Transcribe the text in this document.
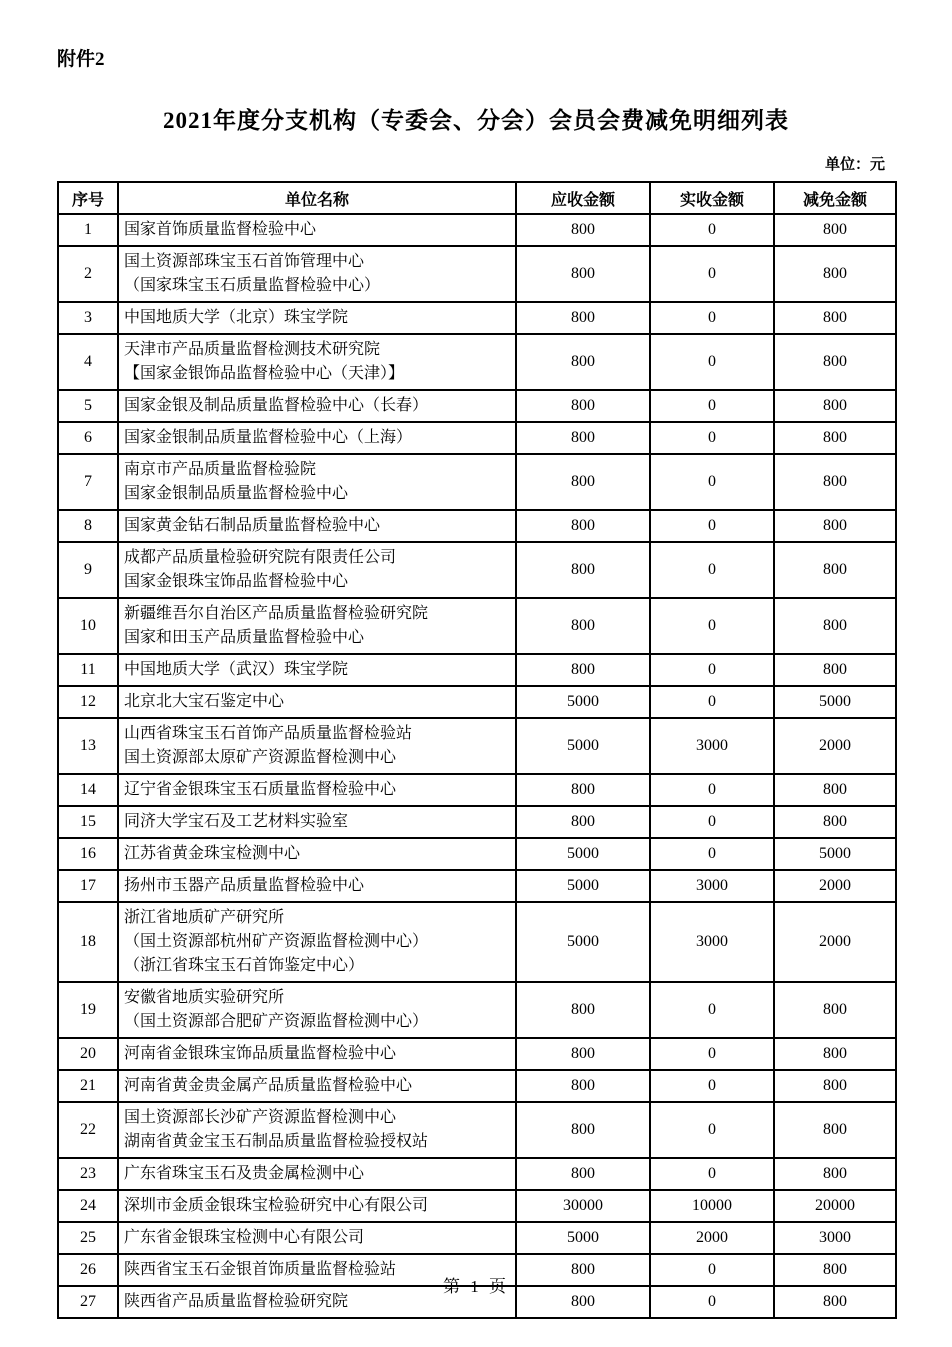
附件2
2021年度分支机构（专委会、分会）会员会费减免明细列表
单位：元
序号	单位名称	应收金额	实收金额	减免金额
1	国家首饰质量监督检验中心	800	0	800
2	国土资源部珠宝玉石首饰管理中心
（国家珠宝玉石质量监督检验中心）	800	0	800
3	中国地质大学（北京）珠宝学院	800	0	800
4	天津市产品质量监督检测技术研究院
【国家金银饰品监督检验中心（天津）】	800	0	800
5	国家金银及制品质量监督检验中心（长春）	800	0	800
6	国家金银制品质量监督检验中心（上海）	800	0	800
7	南京市产品质量监督检验院
国家金银制品质量监督检验中心	800	0	800
8	国家黄金钻石制品质量监督检验中心	800	0	800
9	成都产品质量检验研究院有限责任公司
国家金银珠宝饰品监督检验中心	800	0	800
10	新疆维吾尔自治区产品质量监督检验研究院
国家和田玉产品质量监督检验中心	800	0	800
11	中国地质大学（武汉）珠宝学院	800	0	800
12	北京北大宝石鉴定中心	5000	0	5000
13	山西省珠宝玉石首饰产品质量监督检验站
国土资源部太原矿产资源监督检测中心	5000	3000	2000
14	辽宁省金银珠宝玉石质量监督检验中心	800	0	800
15	同济大学宝石及工艺材料实验室	800	0	800
16	江苏省黄金珠宝检测中心	5000	0	5000
17	扬州市玉器产品质量监督检验中心	5000	3000	2000
18	浙江省地质矿产研究所
（国土资源部杭州矿产资源监督检测中心）
（浙江省珠宝玉石首饰鉴定中心）	5000	3000	2000
19	安徽省地质实验研究所
（国土资源部合肥矿产资源监督检测中心）	800	0	800
20	河南省金银珠宝饰品质量监督检验中心	800	0	800
21	河南省黄金贵金属产品质量监督检验中心	800	0	800
22	国土资源部长沙矿产资源监督检测中心
湖南省黄金宝玉石制品质量监督检验授权站	800	0	800
23	广东省珠宝玉石及贵金属检测中心	800	0	800
24	深圳市金质金银珠宝检验研究中心有限公司	30000	10000	20000
25	广东省金银珠宝检测中心有限公司	5000	2000	3000
26	陕西省宝玉石金银首饰质量监督检验站	800	0	800
27	陕西省产品质量监督检验研究院	800	0	800
第 1 页
